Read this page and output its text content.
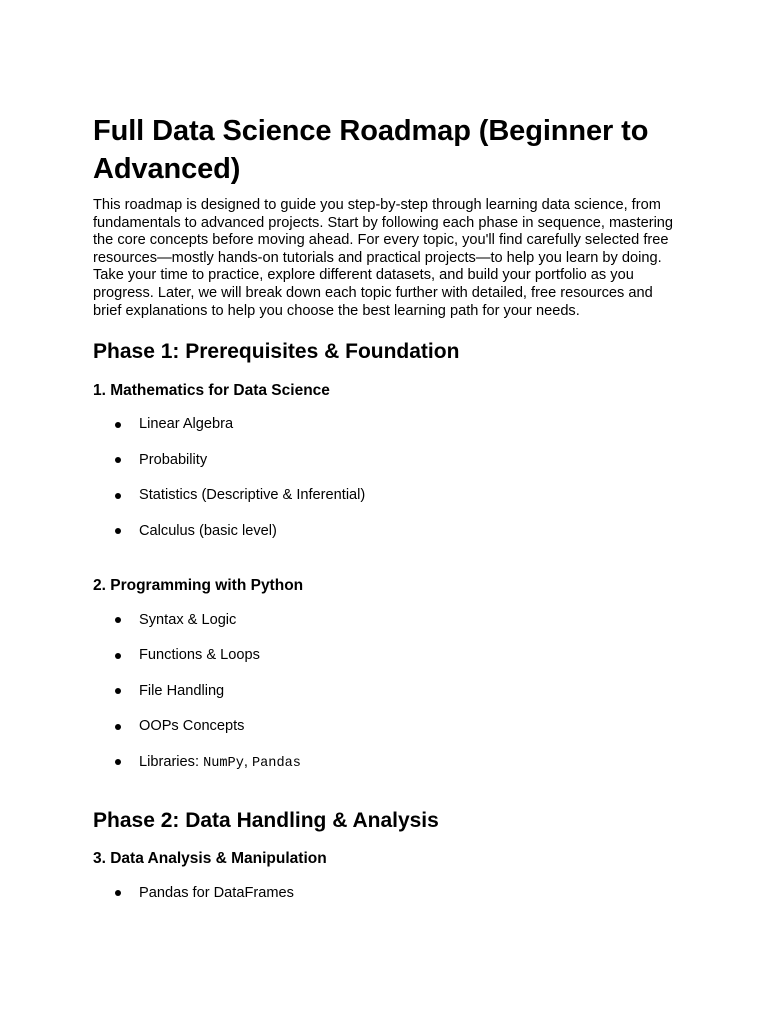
Full Data Science Roadmap (Beginner to Advanced)

This roadmap is designed to guide you step-by-step through learning data science, from fundamentals to advanced projects. Start by following each phase in sequence, mastering the core concepts before moving ahead. For every topic, you'll find carefully selected free resources—mostly hands-on tutorials and practical projects—to help you learn by doing. Take your time to practice, explore different datasets, and build your portfolio as you progress. Later, we will break down each topic further with detailed, free resources and brief explanations to help you choose the best learning path for your needs.

Phase 1: Prerequisites & Foundation
1. Mathematics for Data Science
Linear Algebra
Probability
Statistics (Descriptive & Inferential)
Calculus (basic level)
2. Programming with Python
Syntax & Logic
Functions & Loops
File Handling
OOPs Concepts
Libraries: NumPy, Pandas
Phase 2: Data Handling & Analysis
3. Data Analysis & Manipulation
Pandas for DataFrames
